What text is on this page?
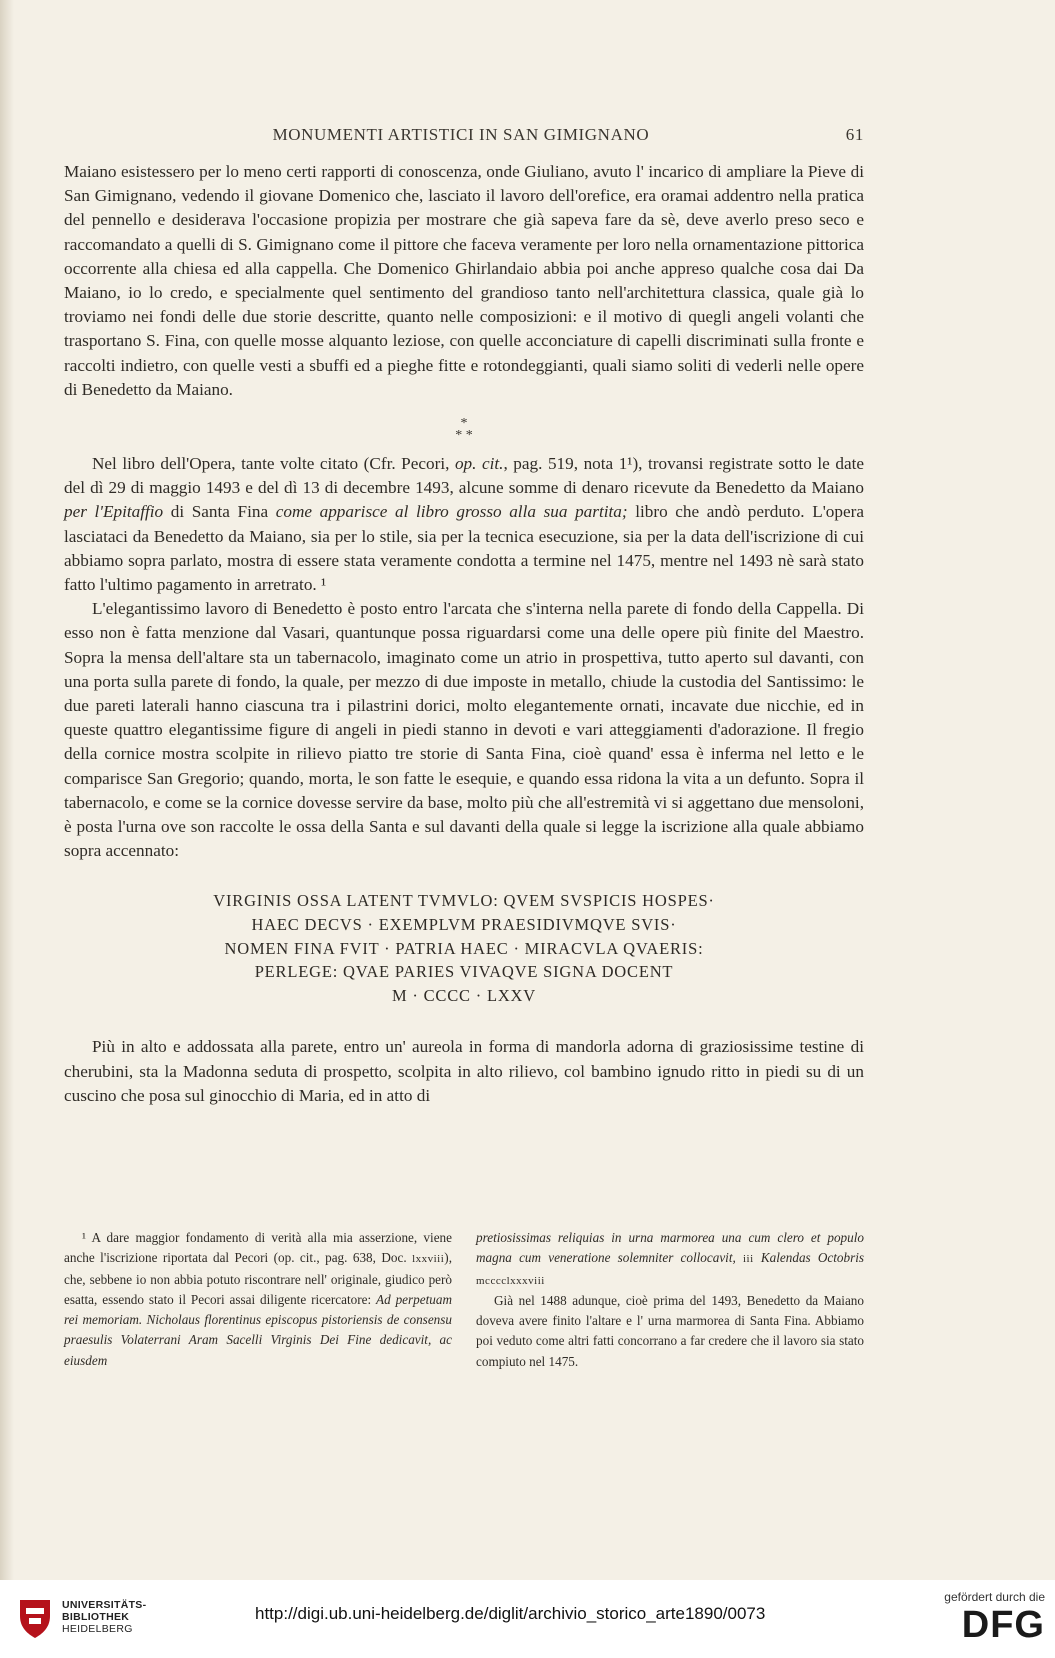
MONUMENTI ARTISTICI IN SAN GIMIGNANO	61

Maiano esistessero per lo meno certi rapporti di conoscenza, onde Giuliano, avuto l' incarico di ampliare la Pieve di San Gimignano, vedendo il giovane Domenico che, lasciato il lavoro dell'orefice, era oramai addentro nella pratica del pennello e desiderava l'occasione propizia per mostrare che già sapeva fare da sè, deve averlo preso seco e raccomandato a quelli di S. Gimignano come il pittore che faceva veramente per loro nella ornamentazione pittorica occorrente alla chiesa ed alla cappella. Che Domenico Ghirlandaio abbia poi anche appreso qualche cosa dai Da Maiano, io lo credo, e specialmente quel sentimento del grandioso tanto nell'architettura classica, quale già lo troviamo nei fondi delle due storie descritte, quanto nelle composizioni: e il motivo di quegli angeli volanti che trasportano S. Fina, con quelle mosse alquanto leziose, con quelle acconciature di capelli discriminati sulla fronte e raccolti indietro, con quelle vesti a sbuffi ed a pieghe fitte e rotondeggianti, quali siamo soliti di vederli nelle opere di Benedetto da Maiano.

*
* *

Nel libro dell'Opera, tante volte citato (Cfr. Pecori, op. cit., pag. 519, nota 1¹), trovansi registrate sotto le date del dì 29 di maggio 1493 e del dì 13 di decembre 1493, alcune somme di denaro ricevute da Benedetto da Maiano per l'Epitaffio di Santa Fina come apparisce al libro grosso alla sua partita; libro che andò perduto. L'opera lasciataci da Benedetto da Maiano, sia per lo stile, sia per la tecnica esecuzione, sia per la data dell'iscrizione di cui abbiamo sopra parlato, mostra di essere stata veramente condotta a termine nel 1475, mentre nel 1493 nè sarà stato fatto l'ultimo pagamento in arretrato. ¹

L'elegantissimo lavoro di Benedetto è posto entro l'arcata che s'interna nella parete di fondo della Cappella. Di esso non è fatta menzione dal Vasari, quantunque possa riguardarsi come una delle opere più finite del Maestro. Sopra la mensa dell'altare sta un tabernacolo, imaginato come un atrio in prospettiva, tutto aperto sul davanti, con una porta sulla parete di fondo, la quale, per mezzo di due imposte in metallo, chiude la custodia del Santissimo: le due pareti laterali hanno ciascuna tra i pilastrini dorici, molto elegantemente ornati, incavate due nicchie, ed in queste quattro elegantissime figure di angeli in piedi stanno in devoti e vari atteggiamenti d'adorazione. Il fregio della cornice mostra scolpite in rilievo piatto tre storie di Santa Fina, cioè quand' essa è inferma nel letto e le comparisce San Gregorio; quando, morta, le son fatte le esequie, e quando essa ridona la vita a un defunto. Sopra il tabernacolo, e come se la cornice dovesse servire da base, molto più che all'estremità vi si aggettano due mensoloni, è posta l'urna ove son raccolte le ossa della Santa e sul davanti della quale si legge la iscrizione alla quale abbiamo sopra accennato:

VIRGINIS OSSA LATENT TVMVLO: QVEM SVSPICIS HOSPES·
HAEC DECVS · EXEMPLVM PRAESIDIVMQVE SVIS·
NOMEN FINA FVIT · PATRIA HAEC · MIRACVLA QVAERIS:
PERLEGE: QVAE PARIES VIVAQVE SIGNA DOCENT
M · CCCC · LXXV

Più in alto e addossata alla parete, entro un' aureola in forma di mandorla adorna di graziosissime testine di cherubini, sta la Madonna seduta di prospetto, scolpita in alto rilievo, col bambino ignudo ritto in piedi su di un cuscino che posa sul ginocchio di Maria, ed in atto di

¹ A dare maggior fondamento di verità alla mia asserzione, viene anche l'iscrizione riportata dal Pecori (op. cit., pag. 638, Doc. lxxviii), che, sebbene io non abbia potuto riscontrare nell' originale, giudico però esatta, essendo stato il Pecori assai diligente ricercatore: Ad perpetuam rei memoriam. Nicholaus florentinus episcopus pistoriensis de consensu praesulis Volaterrani Aram Sacelli Virginis Dei Fine dedicavit, ac eiusdem

pretiosissimas reliquias in urna marmorea una cum clero et populo magna cum veneratione solemniter collocavit, iii Kalendas Octobris mcccclxxxviii

Già nel 1488 adunque, cioè prima del 1493, Benedetto da Maiano doveva avere finito l'altare e l' urna marmorea di Santa Fina. Abbiamo poi veduto come altri fatti concorrano a far credere che il lavoro sia stato compiuto nel 1475.

UNIVERSITÄTS-
BIBLIOTHEK
HEIDELBERG
http://digi.ub.uni-heidelberg.de/diglit/archivio_storico_arte1890/0073
gefördert durch die
DFG
